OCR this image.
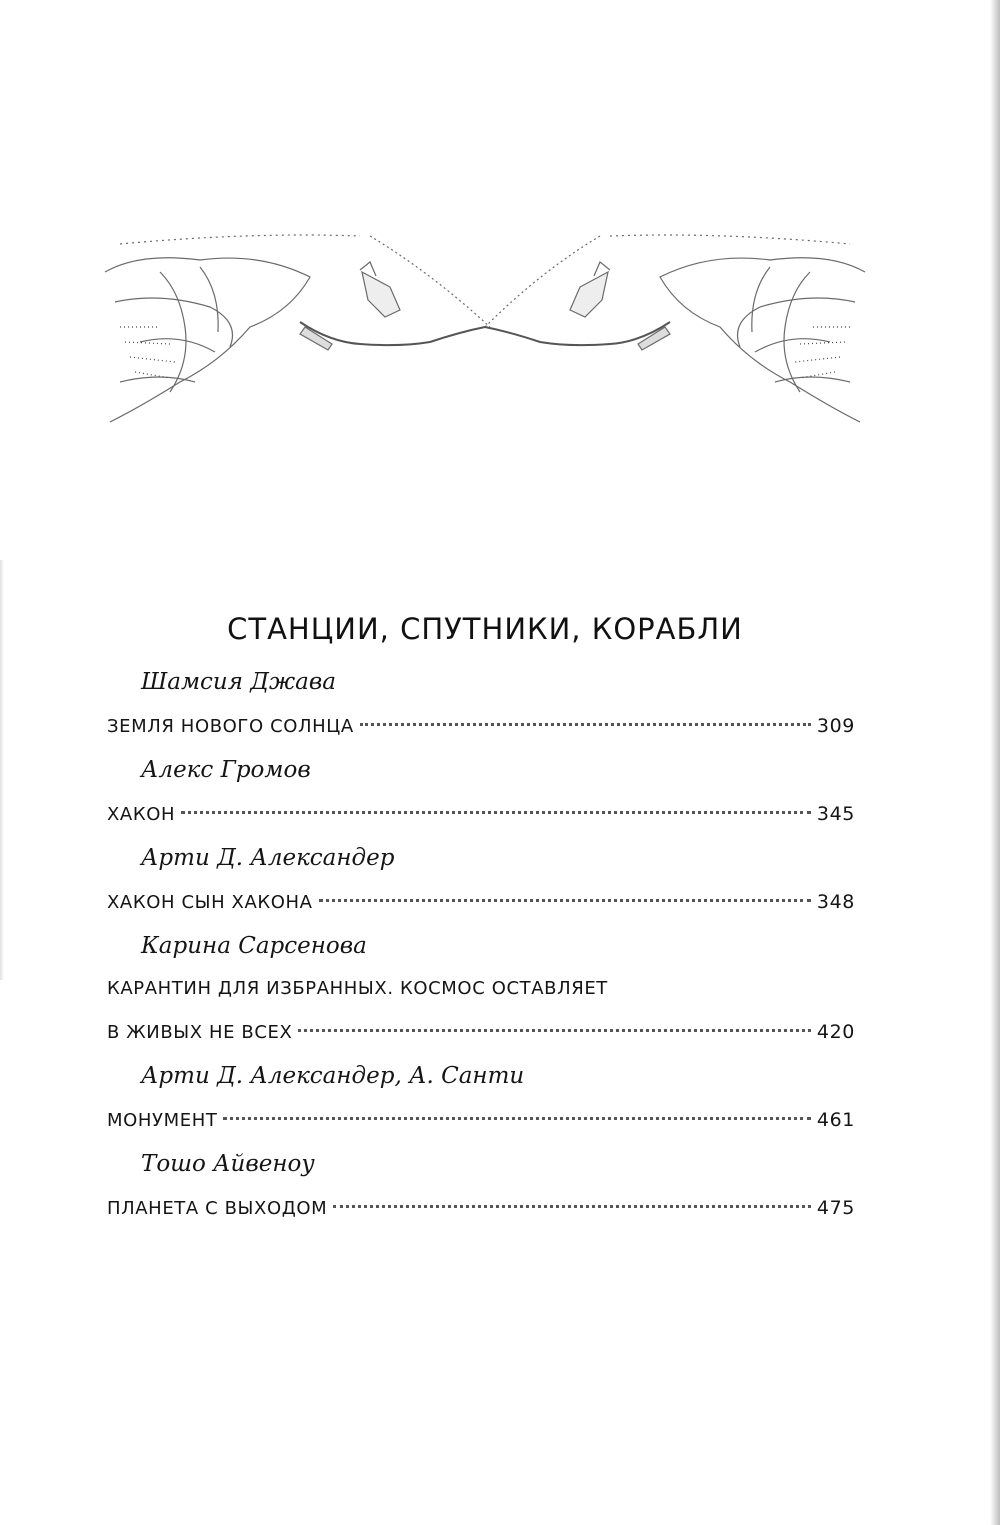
СТАНЦИИ, СПУТНИКИ, КОРАБЛИ
Шамсия Джава
ЗЕМЛЯ НОВОГО СОЛНЦА	309
Алекс Громов
ХАКОН	345
Арти Д. Александер
ХАКОН СЫН ХАКОНА	348
Карина Сарсенова
КАРАНТИН ДЛЯ ИЗБРАННЫХ. КОСМОС ОСТАВЛЯЕТ
В ЖИВЫХ НЕ ВСЕХ	420
Арти Д. Александер, А. Санти
МОНУМЕНТ	461
Тошо Айвеноу
ПЛАНЕТА С ВЫХОДОМ	475
